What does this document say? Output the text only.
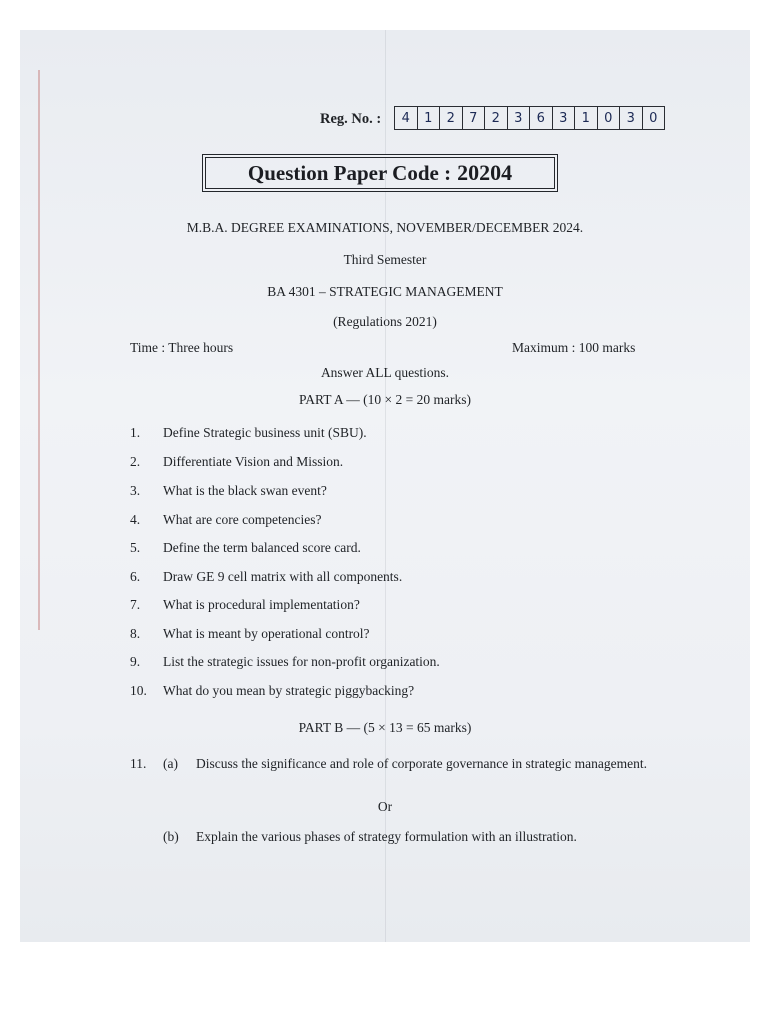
Reg. No. :	4	1	2	7	2	3	6	3	1	0	3	0
Question Paper Code : 20204
M.B.A. DEGREE EXAMINATIONS, NOVEMBER/DECEMBER 2024.
Third Semester
BA 4301 – STRATEGIC MANAGEMENT
(Regulations 2021)
Time : Three hours	Maximum : 100 marks
Answer ALL questions.
PART A — (10 × 2 = 20 marks)
1. Define Strategic business unit (SBU).
2. Differentiate Vision and Mission.
3. What is the black swan event?
4. What are core competencies?
5. Define the term balanced score card.
6. Draw GE 9 cell matrix with all components.
7. What is procedural implementation?
8. What is meant by operational control?
9. List the strategic issues for non-profit organization.
10. What do you mean by strategic piggybacking?
PART B — (5 × 13 = 65 marks)
11. (a) Discuss the significance and role of corporate governance in strategic management.
Or
(b) Explain the various phases of strategy formulation with an illustration.
